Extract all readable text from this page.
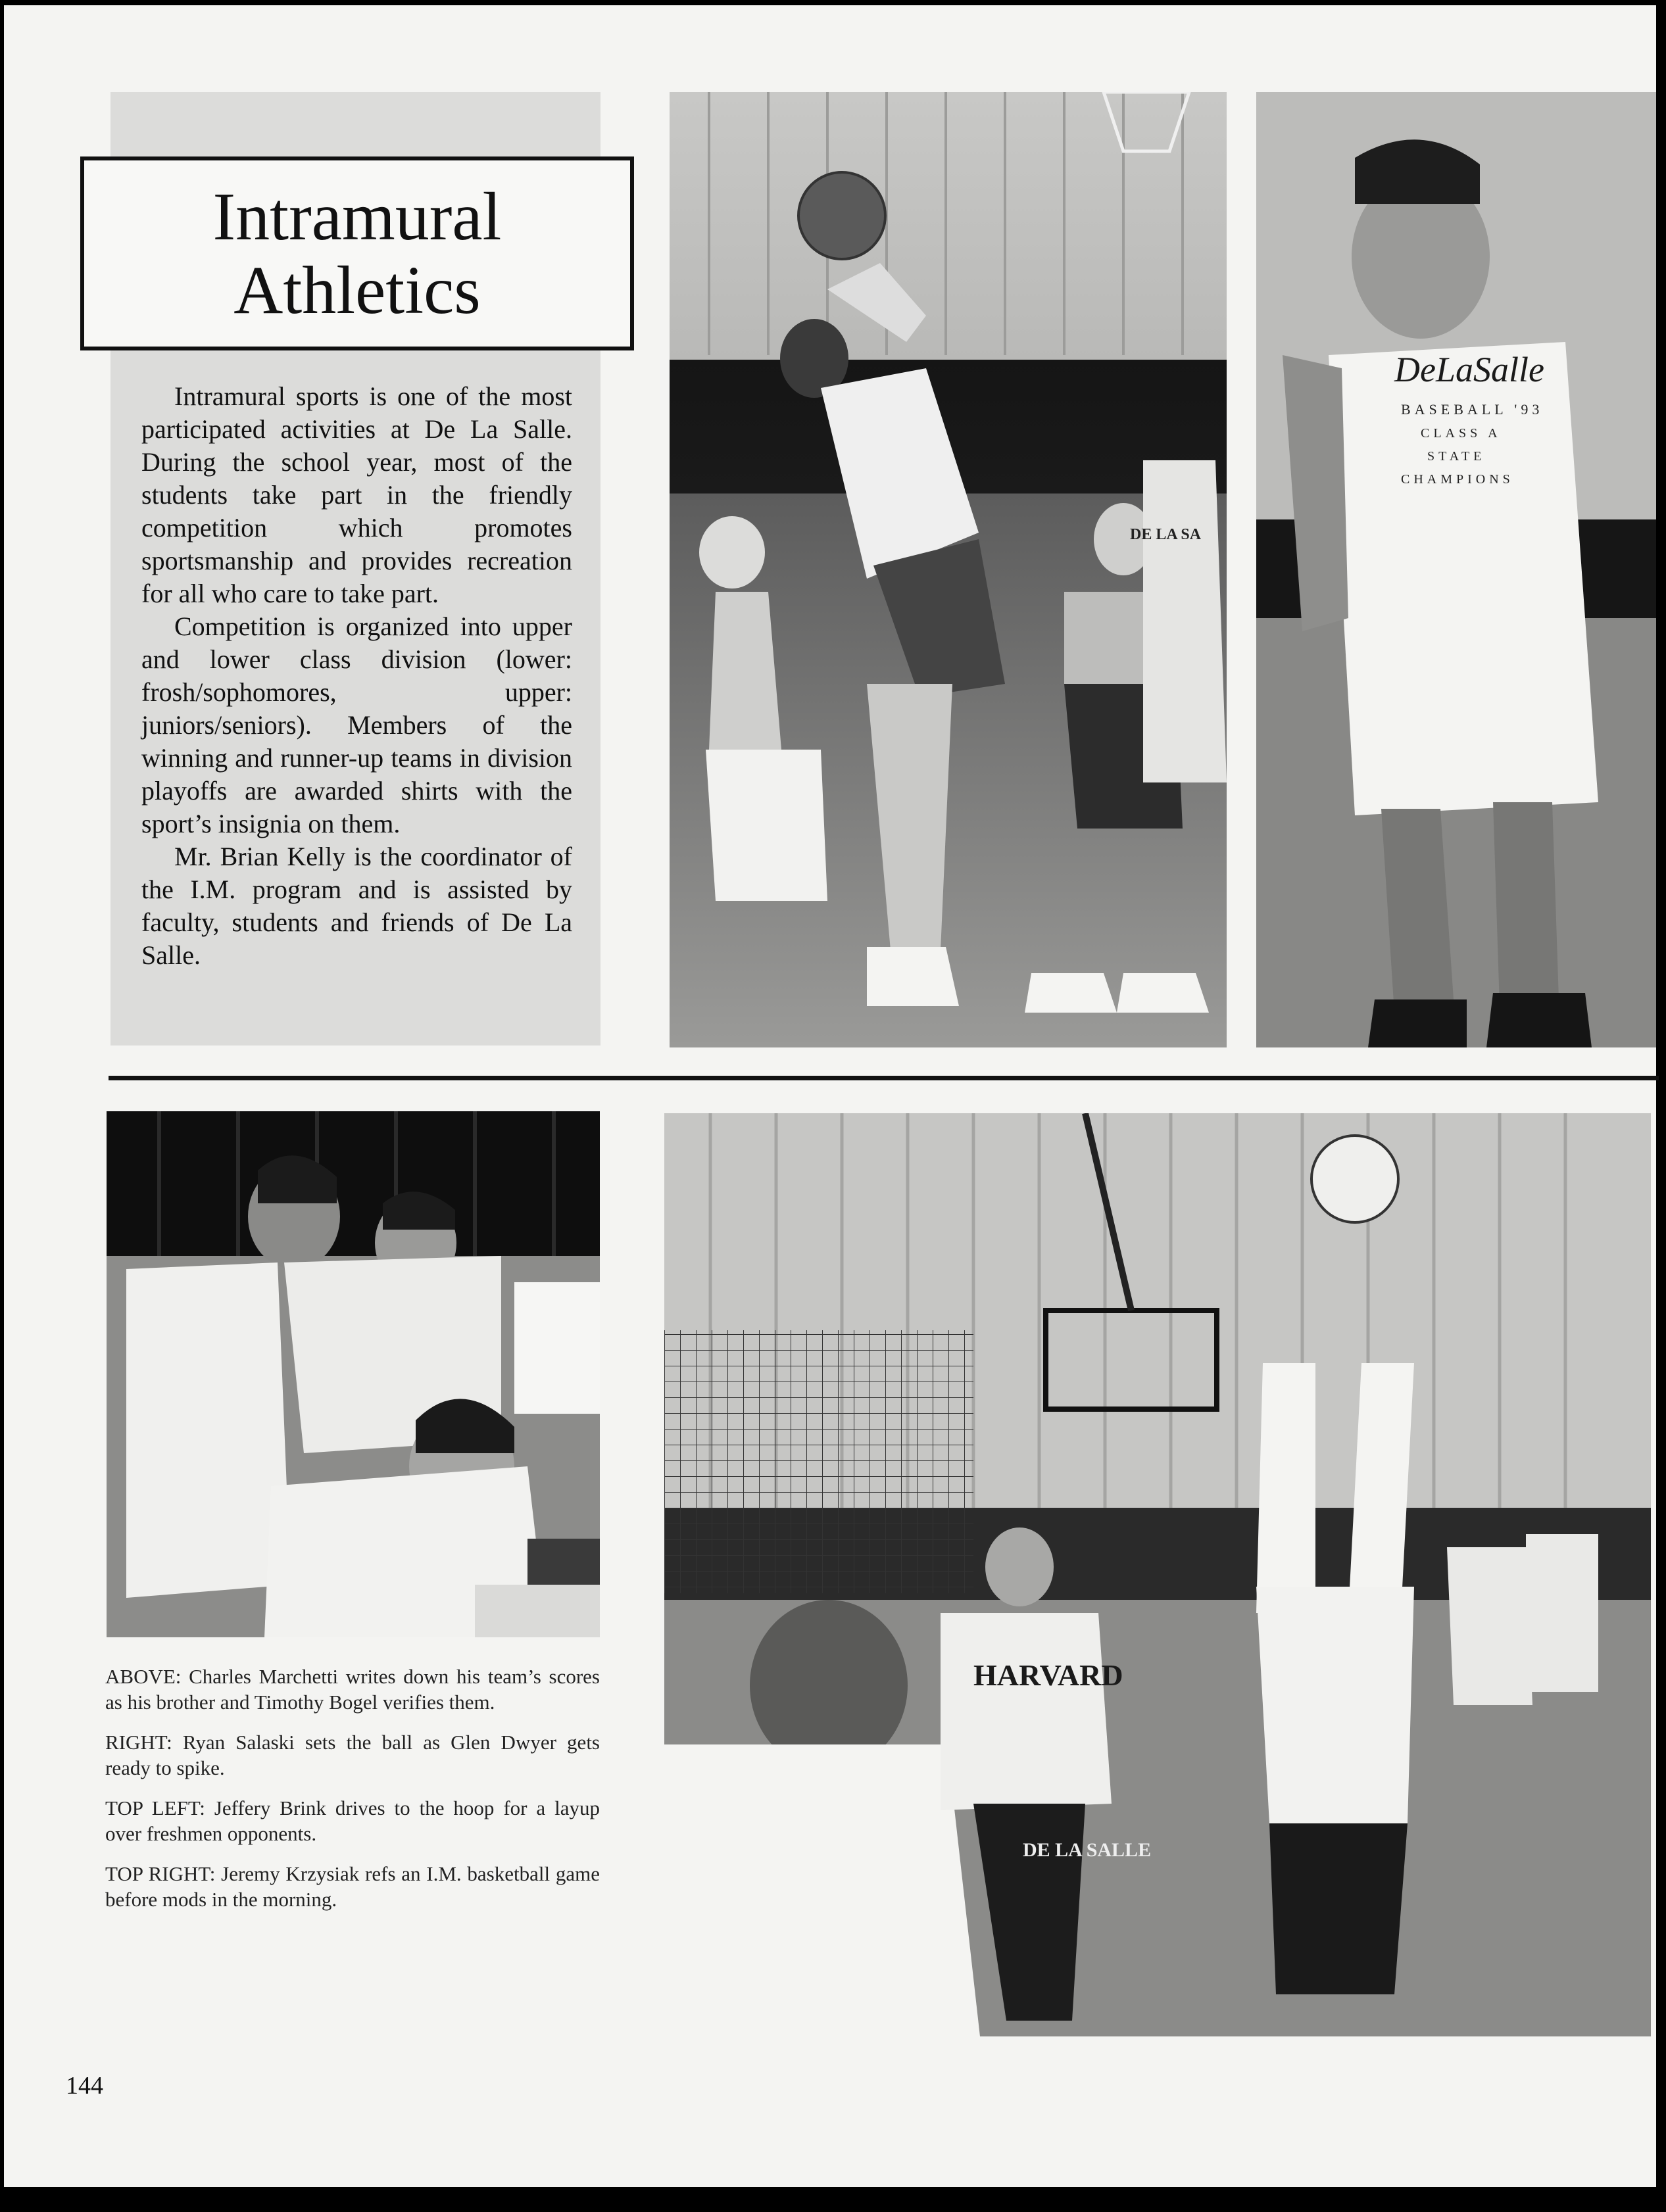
Intramural
Athletics

Intramural sports is one of the most participated activities at De La Salle. During the school year, most of the students take part in the friendly competition which promotes sportsmanship and provides recreation for all who care to take part.

Competition is organized into upper and lower class division (lower: frosh/sophomores, upper: juniors/seniors). Members of the winning and runner-up teams in division playoffs are awarded shirts with the sport’s insignia on them.

Mr. Brian Kelly is the coordinator of the I.M. program and is assisted by faculty, students and friends of De La Salle.

DE LA SA
DeLaSalle
BASEBALL '93
CLASS A
STATE
CHAMPIONS
HARVARD
DE LA SALLE

ABOVE: Charles Marchetti writes down his team’s scores as his brother and Timothy Bogel verifies them.

RIGHT: Ryan Salaski sets the ball as Glen Dwyer gets ready to spike.

TOP LEFT: Jeffery Brink drives to the hoop for a layup over freshmen opponents.

TOP RIGHT: Jeremy Krzysiak refs an I.M. basketball game before mods in the morning.

144
